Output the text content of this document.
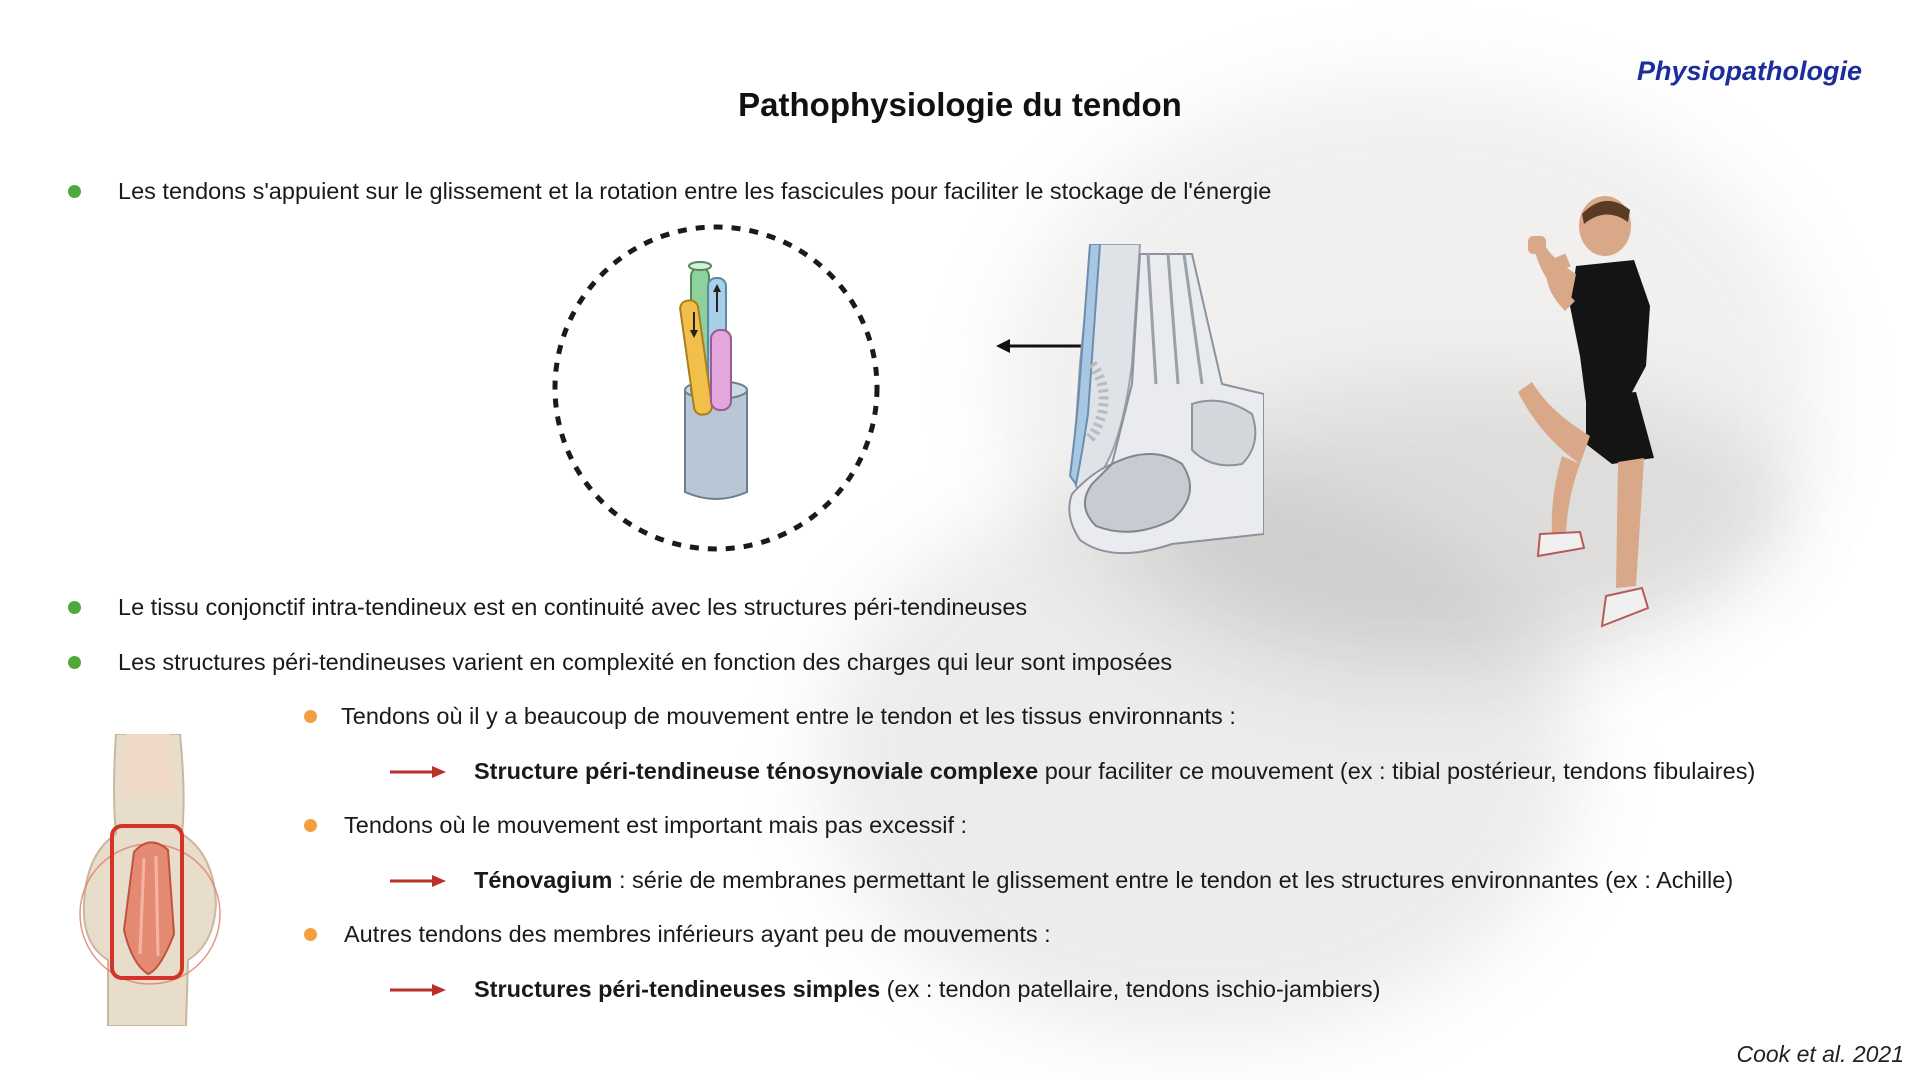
Physiopathologie
Pathophysiologie du tendon
Les tendons s'appuient sur le glissement et la rotation entre les fascicules pour faciliter le stockage de l'énergie
Le tissu conjonctif intra-tendineux est en continuité avec les structures péri-tendineuses
Les structures péri-tendineuses varient en complexité en fonction des charges qui leur sont imposées
Tendons où il y a beaucoup de mouvement entre le tendon et les tissus environnants :
Structure péri-tendineuse ténosynoviale complexe pour faciliter ce mouvement (ex : tibial postérieur, tendons fibulaires)
Tendons où le mouvement est important mais pas excessif :
Ténovagium : série de membranes permettant le glissement entre le tendon et les structures environnantes (ex : Achille)
Autres tendons des membres inférieurs ayant peu de mouvements :
Structures péri-tendineuses simples (ex : tendon patellaire, tendons ischio-jambiers)
Cook et al. 2021
